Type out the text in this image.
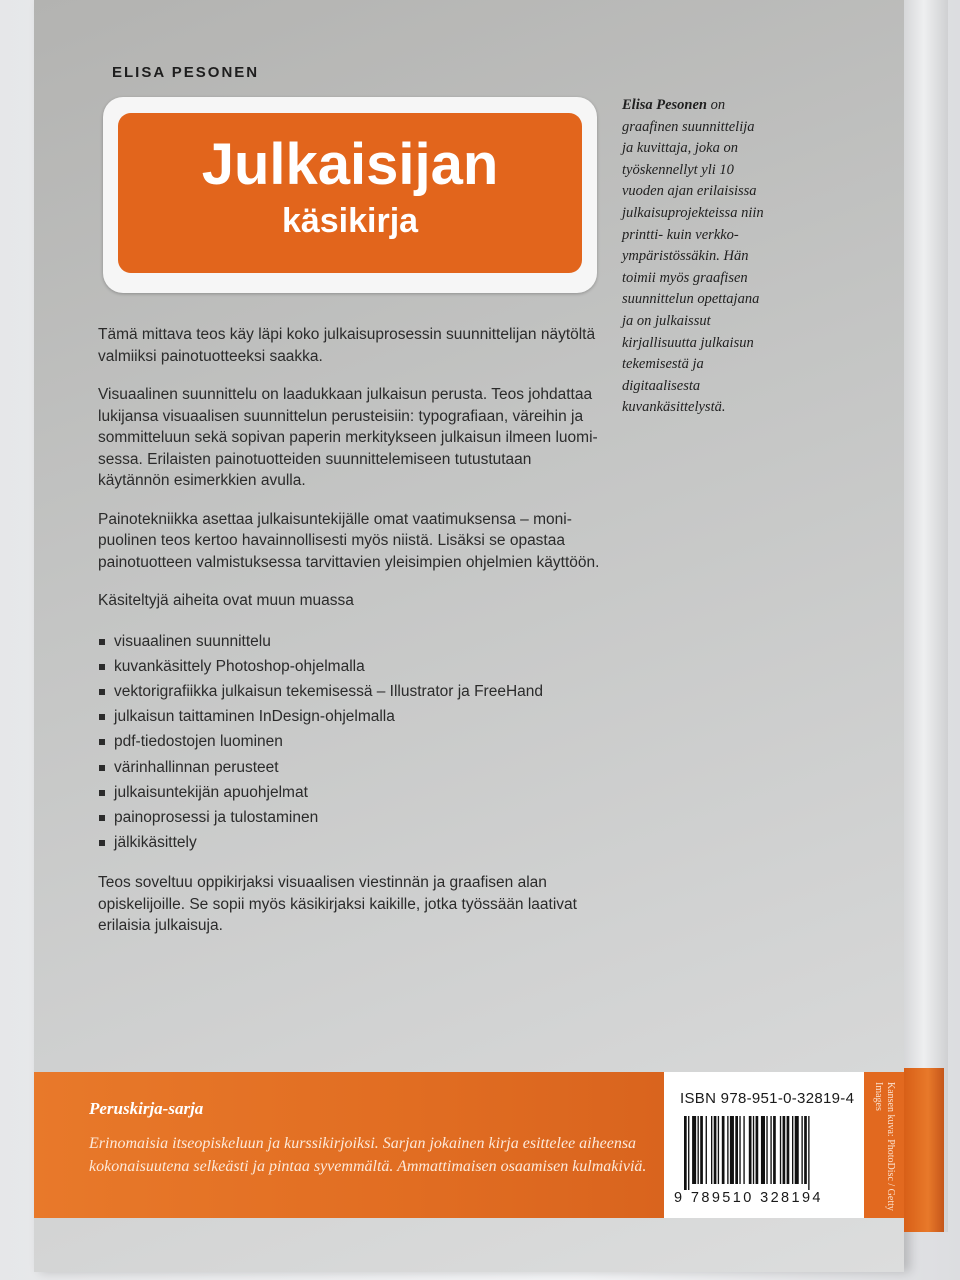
ELISA PESONEN
Julkaisijan
käsikirja
Elisa Pesonen on
graafinen suunnittelija
ja kuvittaja, joka on
työskennellyt yli 10
vuoden ajan erilaisissa
julkaisuprojekteissa niin
printti- kuin verkko-
ympäristössäkin. Hän
toimii myös graafisen
suunnittelun opettajana
ja on julkaissut
kirjallisuutta julkaisun
tekemisestä ja
digitaalisesta
kuvankäsittelystä.

Tämä mittava teos käy läpi koko julkaisuprosessin suunnittelijan näytöltä valmiiksi painotuotteeksi saakka.

Visuaalinen suunnittelu on laadukkaan julkaisun perusta. Teos johdattaa lukijansa visuaalisen suunnittelun perusteisiin: typografiaan, väreihin ja sommitteluun sekä sopivan paperin merkitykseen julkaisun ilmeen luomisessa. Erilaisten painotuotteiden suunnittelemiseen tutustutaan käytännön esimerkkien avulla.

Painotekniikka asettaa julkaisuntekijälle omat vaatimuksensa – monipuolinen teos kertoo havainnollisesti myös niistä. Lisäksi se opastaa painotuotteen valmistuksessa tarvittavien yleisimpien ohjelmien käyttöön.

Käsiteltyjä aiheita ovat muun muassa

visuaalinen suunnittelu
kuvankäsittely Photoshop-ohjelmalla
vektorigrafiikka julkaisun tekemisessä – Illustrator ja FreeHand
julkaisun taittaminen InDesign-ohjelmalla
pdf-tiedostojen luominen
värinhallinnan perusteet
julkaisuntekijän apuohjelmat
painoprosessi ja tulostaminen
jälkikäsittely

Teos soveltuu oppikirjaksi visuaalisen viestinnän ja graafisen alan opiskelijoille. Se sopii myös käsikirjaksi kaikille, jotka työssään laativat erilaisia julkaisuja.

Peruskirja-sarja
Erinomaisia itseopiskeluun ja kurssikirjoiksi. Sarjan jokainen kirja esittelee aiheensa kokonaisuutena selkeästi ja pintaa syvemmältä. Ammattimaisen osaamisen kulmakiviä.
ISBN 978-951-0-32819-4
9 789510 328194	Kansen kuva: PhotoDisc / Getty Images
